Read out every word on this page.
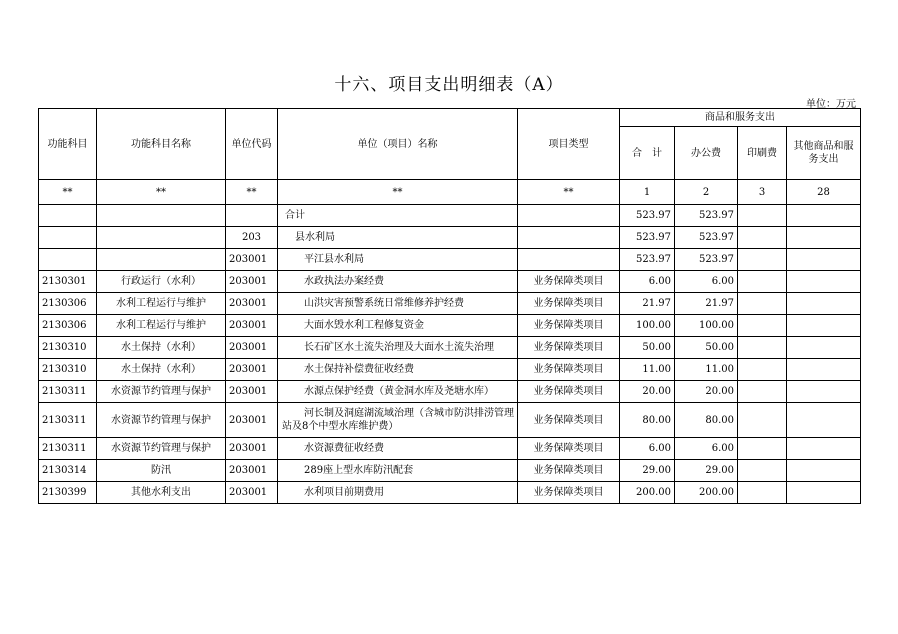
十六、项目支出明细表（A）
单位：万元
功能科目	功能科目名称	单位代码	单位（项目）名称	项目类型	商品和服务支出			
					合　计	办公费	印刷费	其他商品和服务支出
**	**	**	**	**	1	2	3	28
			合计		523.97	523.97		
		203	县水利局		523.97	523.97		
		203001	平江县水利局		523.97	523.97		
2130301	行政运行（水利）	203001	水政执法办案经费	业务保障类项目	6.00	6.00		
2130306	水利工程运行与维护	203001	山洪灾害预警系统日常维修养护经费	业务保障类项目	21.97	21.97		
2130306	水利工程运行与维护	203001	大面水毁水利工程修复资金	业务保障类项目	100.00	100.00		
2130310	水土保持（水利）	203001	长石矿区水土流失治理及大面水土流失治理	业务保障类项目	50.00	50.00		
2130310	水土保持（水利）	203001	水土保持补偿费征收经费	业务保障类项目	11.00	11.00		
2130311	水资源节约管理与保护	203001	水源点保护经费（黄金洞水库及尧塘水库）	业务保障类项目	20.00	20.00		
2130311	水资源节约管理与保护	203001	河长制及洞庭湖流域治理（含城市防洪排涝管理站及8个中型水库维护费）	业务保障类项目	80.00	80.00		
2130311	水资源节约管理与保护	203001	水资源费征收经费	业务保障类项目	6.00	6.00		
2130314	防汛	203001	289座上型水库防汛配套	业务保障类项目	29.00	29.00		
2130399	其他水利支出	203001	水利项目前期费用	业务保障类项目	200.00	200.00		
